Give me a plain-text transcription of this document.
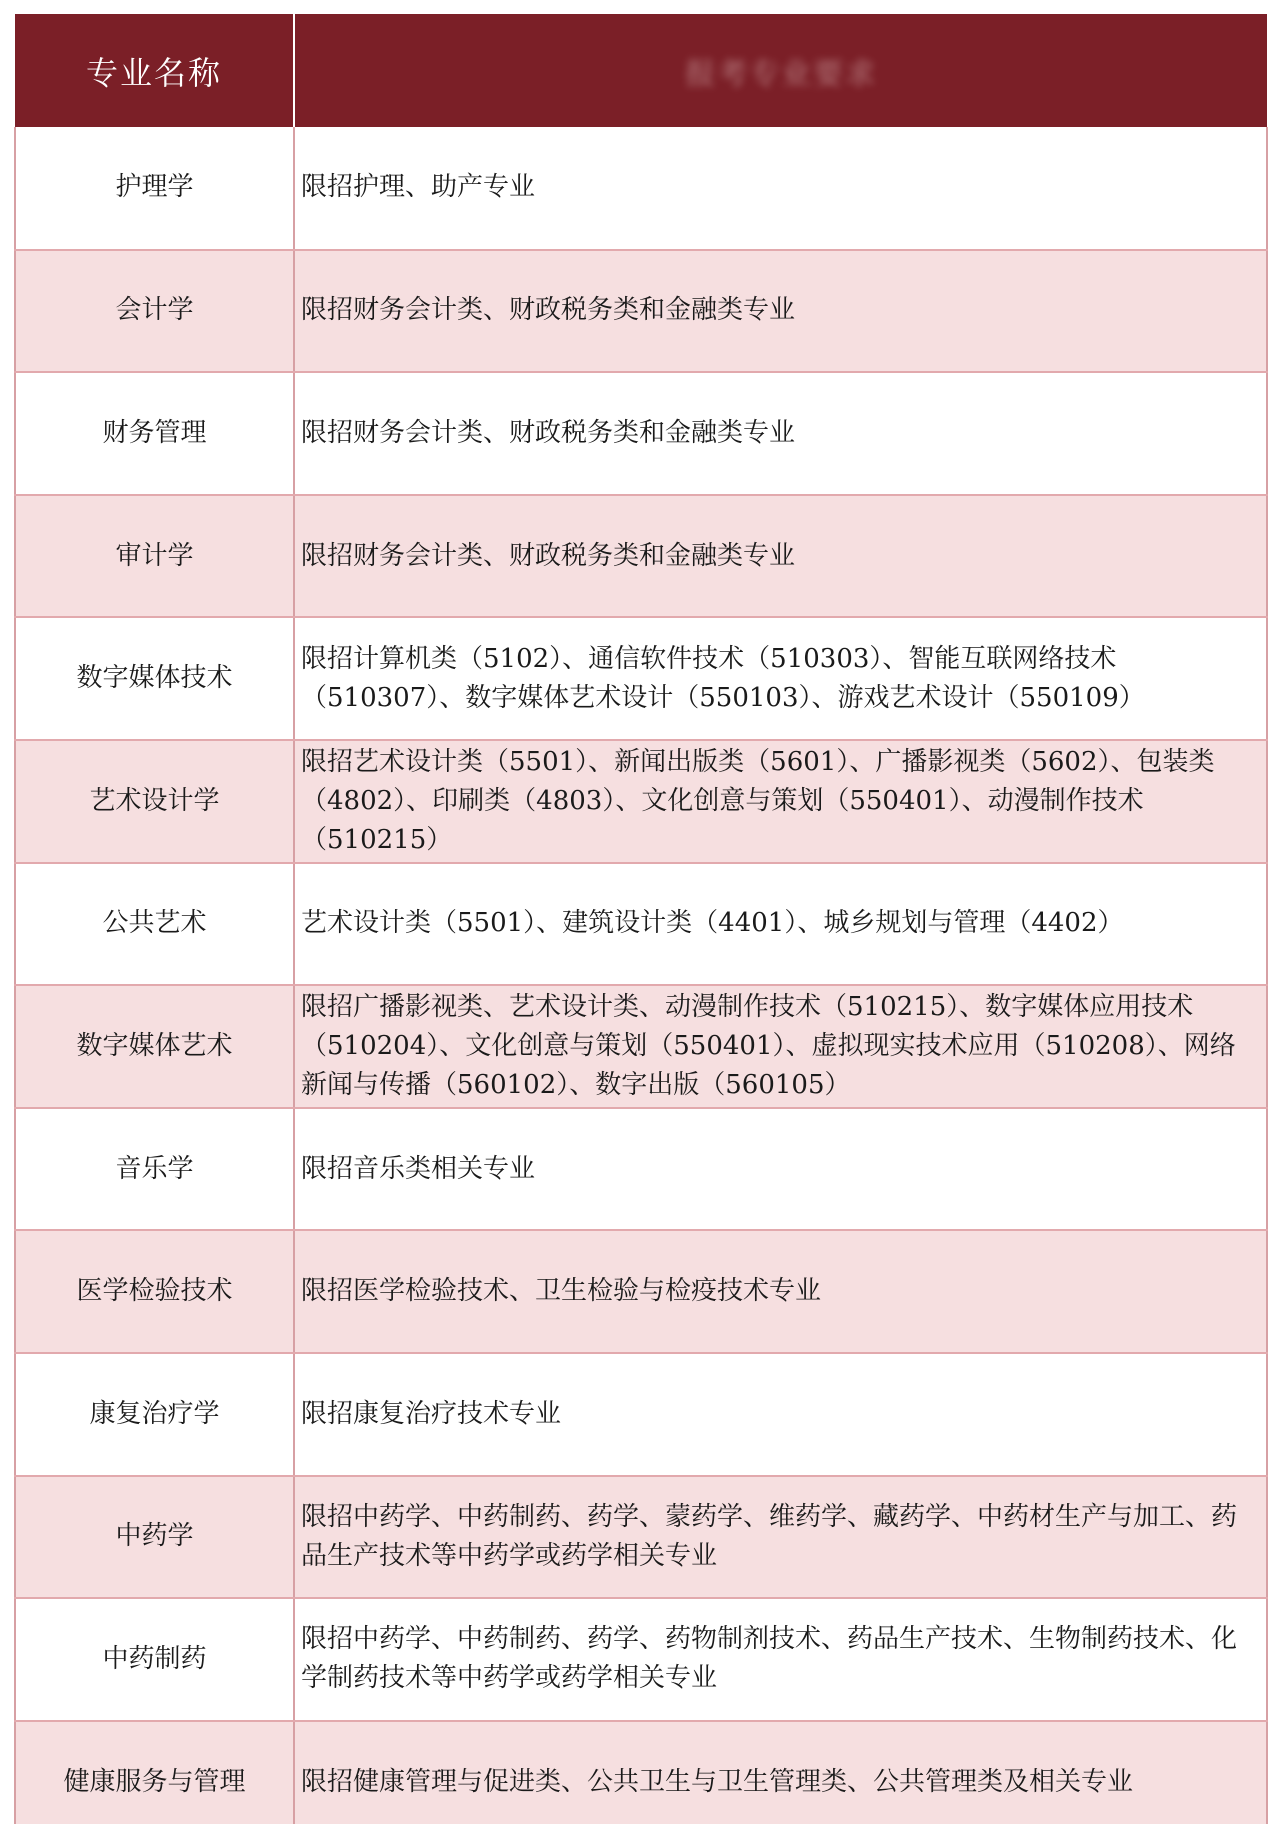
专业名称	报考专业要求
护理学	限招护理、助产专业
会计学	限招财务会计类、财政税务类和金融类专业
财务管理	限招财务会计类、财政税务类和金融类专业
审计学	限招财务会计类、财政税务类和金融类专业
数字媒体技术	限招计算机类（5102）、通信软件技术（510303）、智能互联网络技术（510307）、数字媒体艺术设计（550103）、游戏艺术设计（550109）
艺术设计学	限招艺术设计类（5501）、新闻出版类（5601）、广播影视类（5602）、包装类（4802）、印刷类（4803）、文化创意与策划（550401）、动漫制作技术（510215）
公共艺术	艺术设计类（5501）、建筑设计类（4401）、城乡规划与管理（4402）
数字媒体艺术	限招广播影视类、艺术设计类、动漫制作技术（510215）、数字媒体应用技术（510204）、文化创意与策划（550401）、虚拟现实技术应用（510208）、网络新闻与传播（560102）、数字出版（560105）
音乐学	限招音乐类相关专业
医学检验技术	限招医学检验技术、卫生检验与检疫技术专业
康复治疗学	限招康复治疗技术专业
中药学	限招中药学、中药制药、药学、蒙药学、维药学、藏药学、中药材生产与加工、药品生产技术等中药学或药学相关专业
中药制药	限招中药学、中药制药、药学、药物制剂技术、药品生产技术、生物制药技术、化学制药技术等中药学或药学相关专业
健康服务与管理	限招健康管理与促进类、公共卫生与卫生管理类、公共管理类及相关专业
